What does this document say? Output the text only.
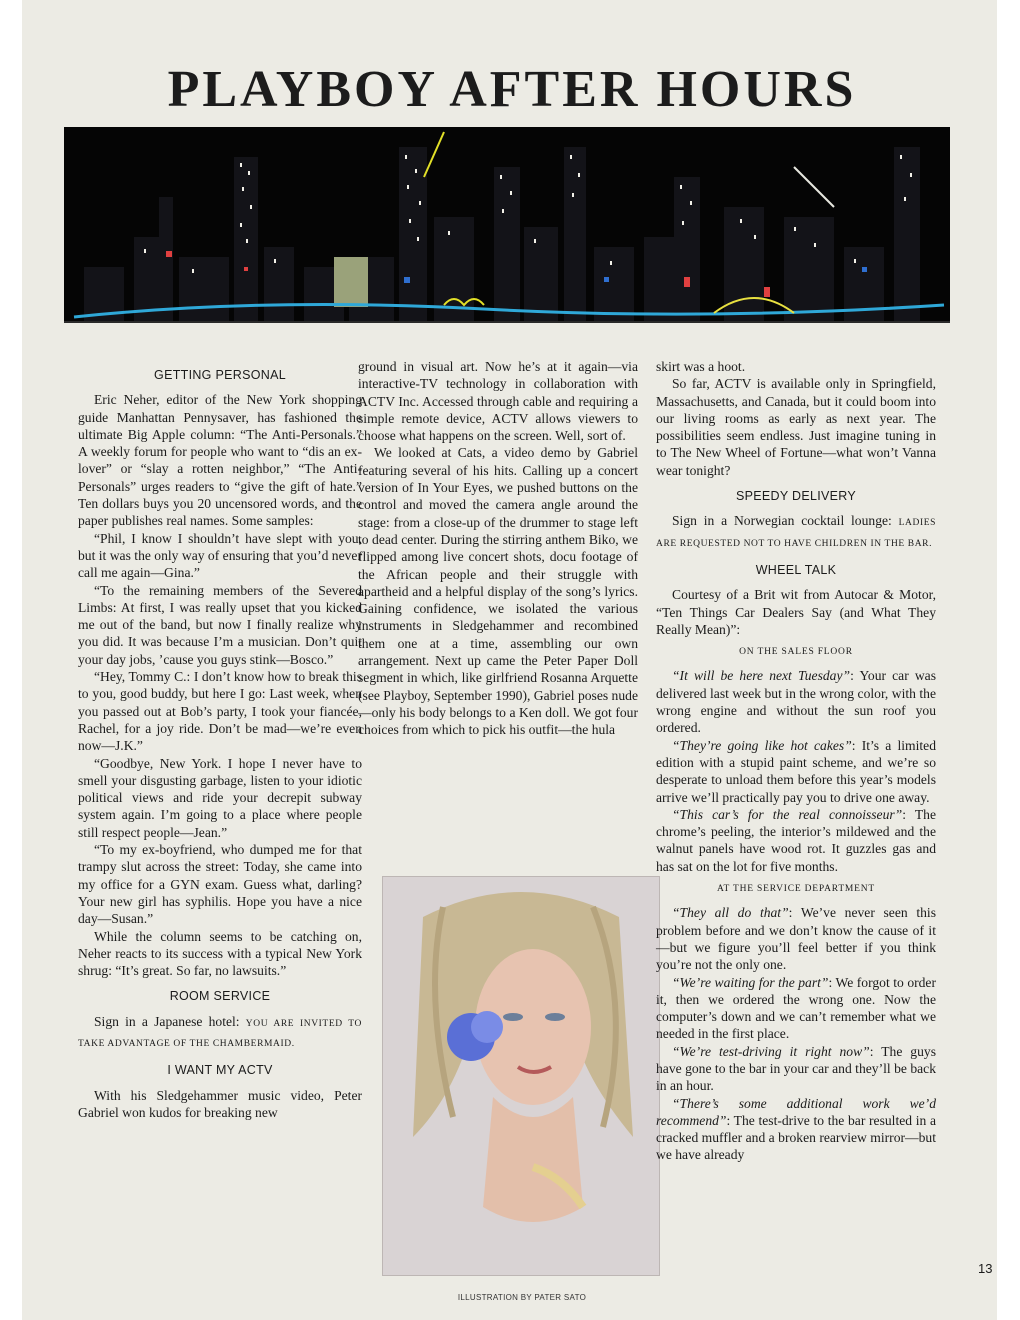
PLAYBOY AFTER HOURS

GETTING PERSONAL

Eric Neher, editor of the New York shopping guide Manhattan Pennysaver, has fashioned the ultimate Big Apple column: “The Anti-Personals.” A weekly forum for people who want to “dis an ex-lover” or “slay a rotten neighbor,” “The Anti-Personals” urges readers to “give the gift of hate.” Ten dollars buys you 20 uncensored words, and the paper publishes real names. Some samples:

“Phil, I know I shouldn’t have slept with you, but it was the only way of ensuring that you’d never call me again—Gina.”

“To the remaining members of the Severed Limbs: At first, I was really upset that you kicked me out of the band, but now I finally realize why you did. It was because I’m a musician. Don’t quit your day jobs, ’cause you guys stink—Bosco.”

“Hey, Tommy C.: I don’t know how to break this to you, good buddy, but here I go: Last week, when you passed out at Bob’s party, I took your fiancée, Rachel, for a joy ride. Don’t be mad—we’re even now—J.K.”

“Goodbye, New York. I hope I never have to smell your disgusting garbage, listen to your idiotic political views and ride your decrepit subway system again. I’m going to a place where people still respect people—Jean.”

“To my ex-boyfriend, who dumped me for that trampy slut across the street: Today, she came into my office for a GYN exam. Guess what, darling? Your new girl has syphilis. Hope you have a nice day—Susan.”

While the column seems to be catching on, Neher reacts to its success with a typical New York shrug: “It’s great. So far, no lawsuits.”

ROOM SERVICE

Sign in a Japanese hotel: YOU ARE INVITED TO TAKE ADVANTAGE OF THE CHAMBERMAID.

I WANT MY ACTV

With his Sledgehammer music video, Peter Gabriel won kudos for breaking new

ground in visual art. Now he’s at it again—via interactive-TV technology in collaboration with ACTV Inc. Accessed through cable and requiring a simple remote device, ACTV allows viewers to choose what happens on the screen. Well, sort of.

We looked at Cats, a video demo by Gabriel featuring several of his hits. Calling up a concert version of In Your Eyes, we pushed buttons on the control and moved the camera angle around the stage: from a close-up of the drummer to stage left to dead center. During the stirring anthem Biko, we flipped among live concert shots, docu footage of the African people and their struggle with apartheid and a helpful display of the song’s lyrics. Gaining confidence, we isolated the various instruments in Sledgehammer and recombined them one at a time, assembling our own arrangement. Next up came the Peter Paper Doll segment in which, like girlfriend Rosanna Arquette (see Playboy, September 1990), Gabriel poses nude—only his body belongs to a Ken doll. We got four choices from which to pick his outfit—the hula

skirt was a hoot.

So far, ACTV is available only in Springfield, Massachusetts, and Canada, but it could boom into our living rooms as early as next year. The possibilities seem endless. Just imagine tuning in to The New Wheel of Fortune—what won’t Vanna wear tonight?

SPEEDY DELIVERY

Sign in a Norwegian cocktail lounge: LADIES ARE REQUESTED NOT TO HAVE CHILDREN IN THE BAR.

WHEEL TALK

Courtesy of a Brit wit from Autocar & Motor, “Ten Things Car Dealers Say (and What They Really Mean)”:

ON THE SALES FLOOR

“It will be here next Tuesday”: Your car was delivered last week but in the wrong color, with the wrong engine and without the sun roof you ordered.

“They’re going like hot cakes”: It’s a limited edition with a stupid paint scheme, and we’re so desperate to unload them before this year’s models arrive we’ll practically pay you to drive one away.

“This car’s for the real connoisseur”: The chrome’s peeling, the interior’s mildewed and the walnut panels have wood rot. It guzzles gas and has sat on the lot for five months.

AT THE SERVICE DEPARTMENT

“They all do that”: We’ve never seen this problem before and we don’t know the cause of it—but we figure you’ll feel better if you think you’re not the only one.

“We’re waiting for the part”: We forgot to order it, then we ordered the wrong one. Now the computer’s down and we can’t remember what we needed in the first place.

“We’re test-driving it right now”: The guys have gone to the bar in your car and they’ll be back in an hour.

“There’s some additional work we’d recommend”: The test-drive to the bar resulted in a cracked muffler and a broken rearview mirror—but we have already

ILLUSTRATION BY PATER SATO
13
